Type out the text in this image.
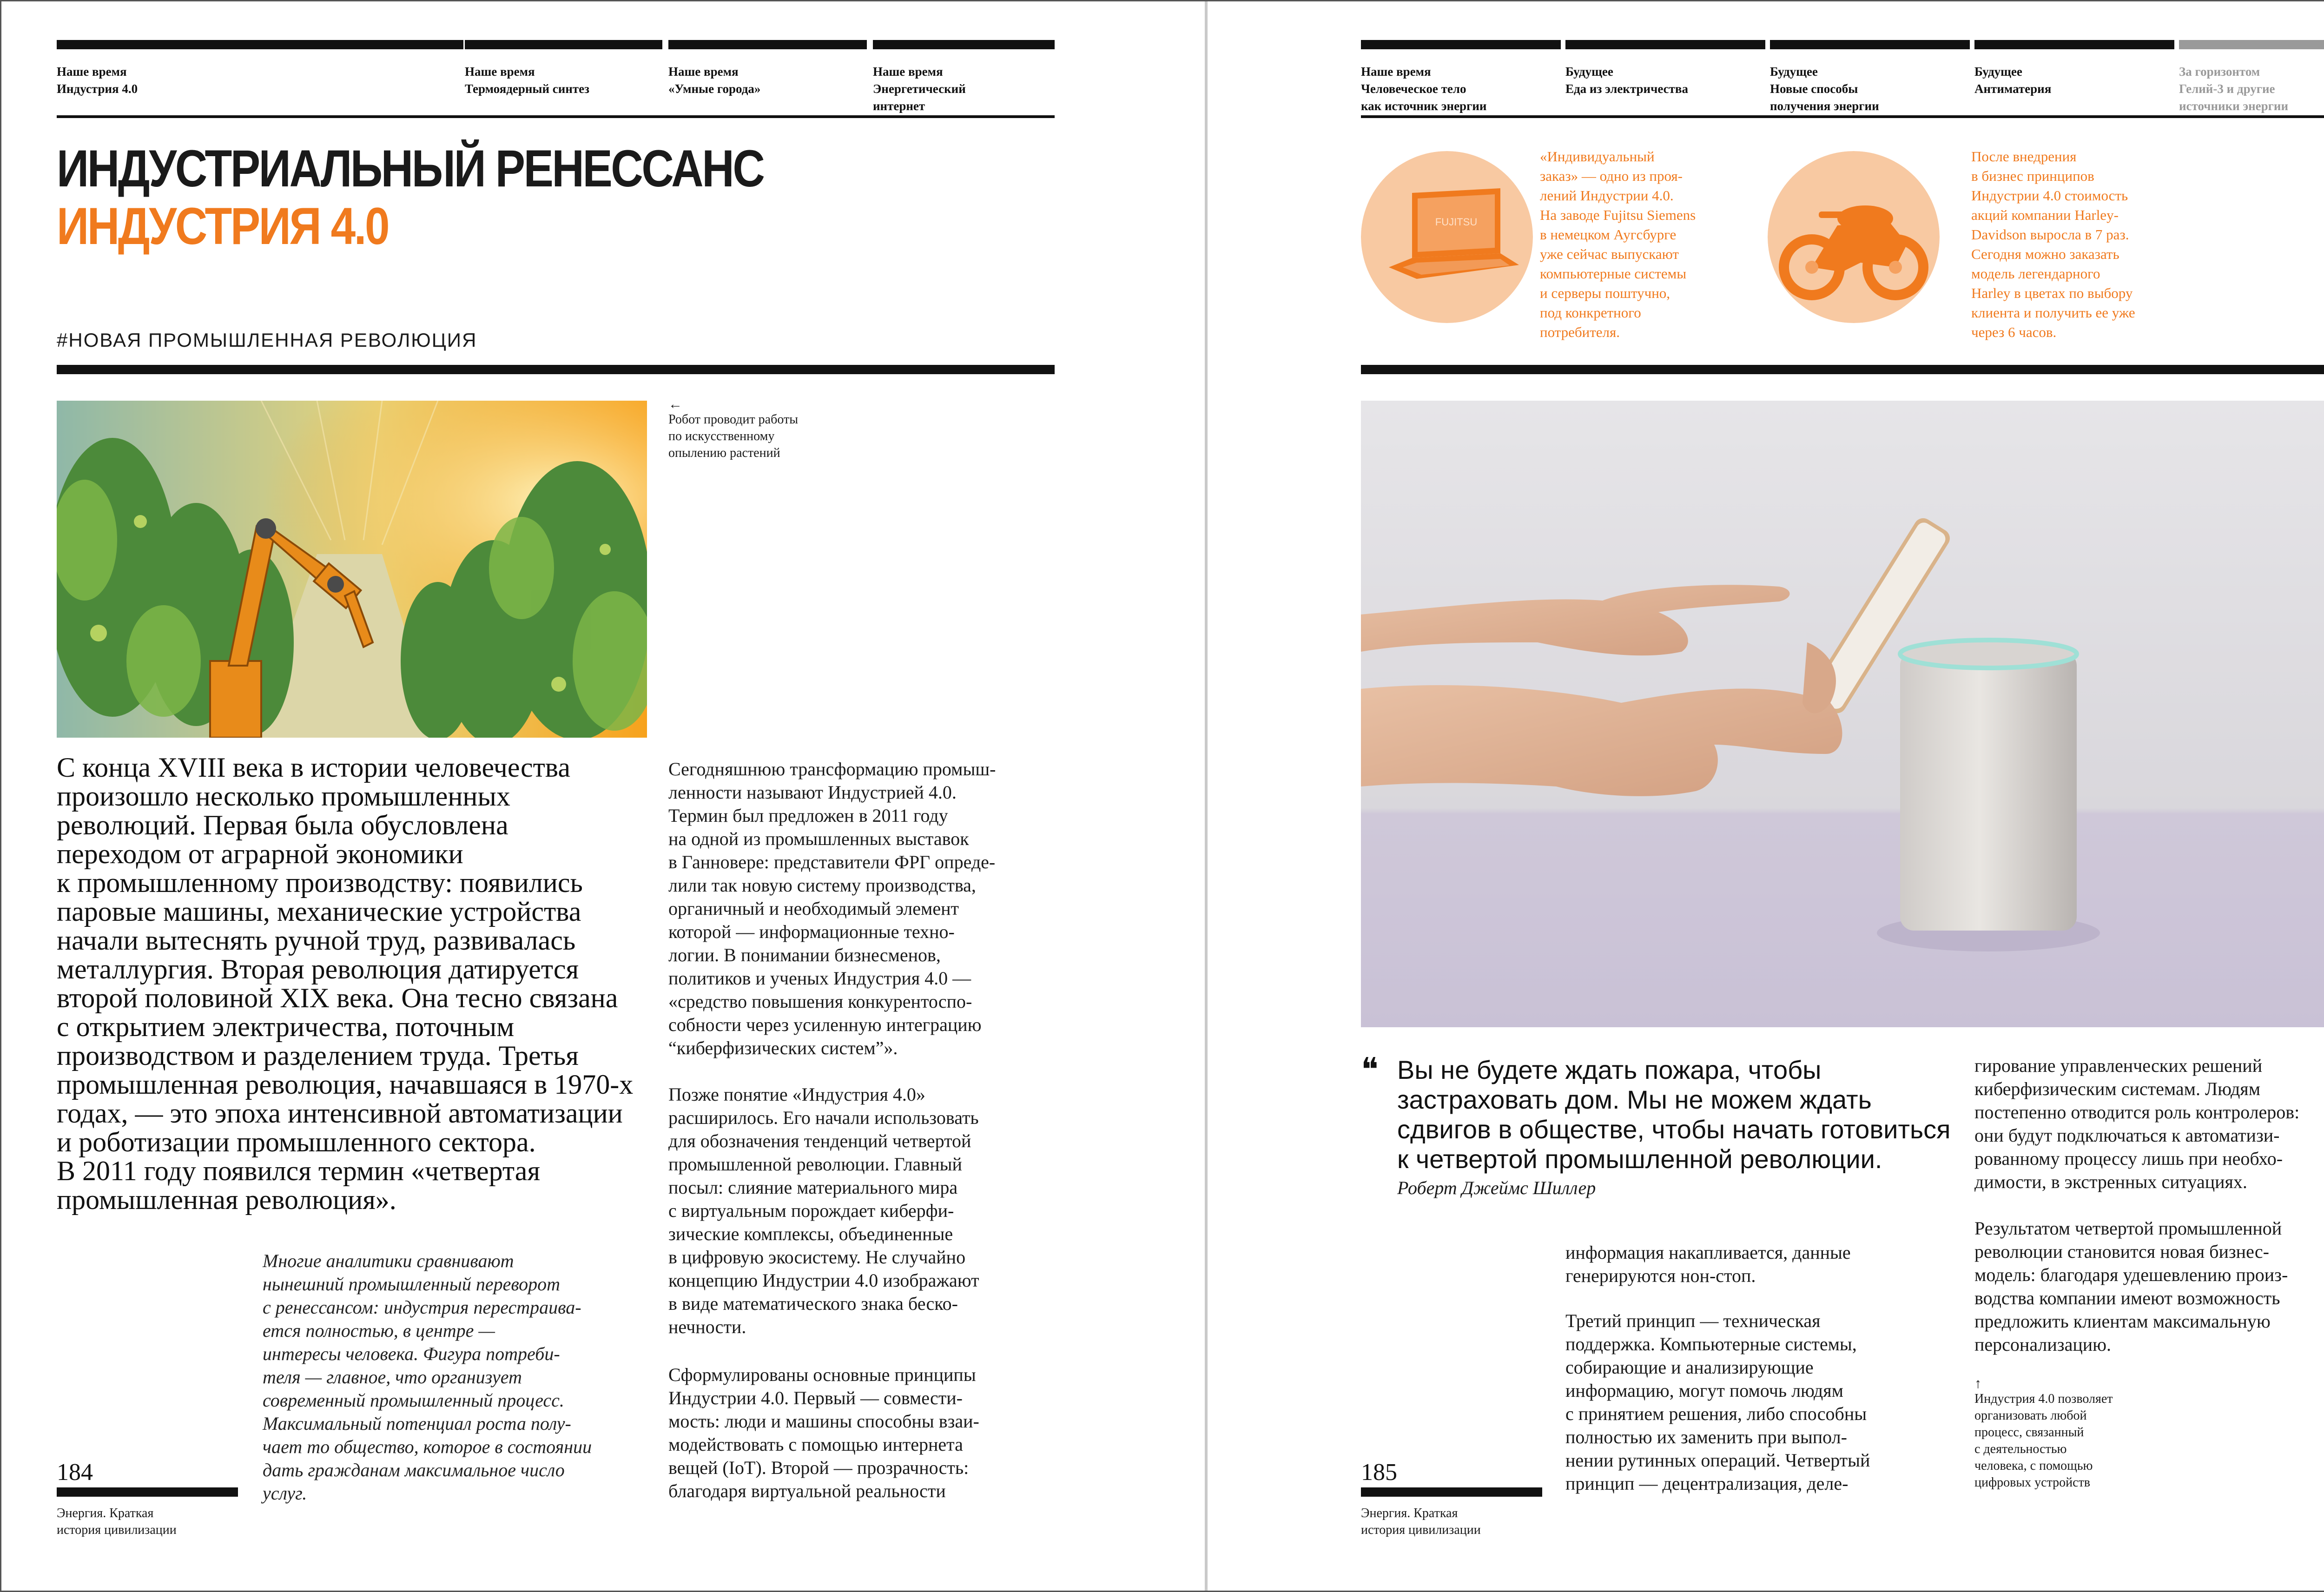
Наше время
Индустрия 4.0
Наше время
Термоядерный синтез
Наше время
«Умные города»
Наше время
Энергетический
интернет
ИНДУСТРИАЛЬНЫЙ РЕНЕССАНС
ИНДУСТРИЯ 4.0
#НОВАЯ ПРОМЫШЛЕННАЯ РЕВОЛЮЦИЯ
←
Робот проводит работы
по искусственному
опылению растений
С конца XVIII века в истории человечества
произошло несколько промышленных
революций. Первая была обусловлена
переходом от аграрной экономики
к промышленному производству: появились
паровые машины, механические устройства
начали вытеснять ручной труд, развивалась
металлургия. Вторая революция датируется
второй половиной XIX века. Она тесно связана
с открытием электричества, поточным
производством и разделением труда. Третья
промышленная революция, начавшаяся в 1970-х
годах, — это эпоха интенсивной автоматизации
и роботизации промышленного сектора.
В 2011 году появился термин «четвертая
промышленная революция».
Многие аналитики сравнивают
нынешний промышленный переворот
с ренессансом: индустрия перестраива-
ется полностью, в центре —
интересы человека. Фигура потреби-
теля — главное, что организует
современный промышленный процесс.
Максимальный потенциал роста полу-
чает то общество, которое в состоянии
дать гражданам максимальное число
услуг.
Сегодняшнюю трансформацию промыш-
ленности называют Индустрией 4.0.
Термин был предложен в 2011 году
на одной из промышленных выставок
в Ганновере: представители ФРГ опреде-
лили так новую систему производства,
органичный и необходимый элемент
которой — информационные техно-
логии. В понимании бизнесменов,
политиков и ученых Индустрия 4.0 —
«средство повышения конкурентоспо-
собности через усиленную интеграцию
“киберфизических систем”».
Позже понятие «Индустрия 4.0»
расширилось. Его начали использовать
для обозначения тенденций четвертой
промышленной революции. Главный
посыл: слияние материального мира
с виртуальным порождает киберфи-
зические комплексы, объединенные
в цифровую экосистему. Не случайно
концепцию Индустрии 4.0 изображают
в виде математического знака беско-
нечности.
Сформулированы основные принципы
Индустрии 4.0. Первый — совмести-
мость: люди и машины способны взаи-
модействовать с помощью интернета
вещей (IoT). Второй — прозрачность:
благодаря виртуальной реальности
184
Энергия. Краткая
история цивилизации
Наше время
Человеческое тело
как источник энергии
Будущее
Еда из электричества
Будущее
Новые способы
получения энергии
Будущее
Антиматерия
За горизонтом
Гелий-3 и другие
источники энергии
FUJITSU
«Индивидуальный
заказ» — одно из проя-
лений Индустрии 4.0.
На заводе Fujitsu Siemens
в немецком Аугсбурге
уже сейчас выпускают
компьютерные системы
и серверы поштучно,
под конкретного
потребителя.
После внедрения
в бизнес принципов
Индустрии 4.0 стоимость
акций компании Harley-
Davidson выросла в 7 раз.
Сегодня можно заказать
модель легендарного
Harley в цветах по выбору
клиента и получить ее уже
через 6 часов.
❝ Вы не будете ждать пожара, чтобы
застраховать дом. Мы не можем ждать
сдвигов в обществе, чтобы начать готовиться
к четвертой промышленной революции.
Роберт Джеймс Шиллер
информация накапливается, данные
генерируются нон-стоп.
Третий принцип — техническая
поддержка. Компьютерные системы,
собирающие и анализирующие
информацию, могут помочь людям
с принятием решения, либо способны
полностью их заменить при выпол-
нении рутинных операций. Четвертый
принцип — децентрализация, деле-
гирование управленческих решений
киберфизическим системам. Людям
постепенно отводится роль контролеров:
они будут подключаться к автоматизи-
рованному процессу лишь при необхо-
димости, в экстренных ситуациях.
Результатом четвертой промышленной
революции становится новая бизнес-
модель: благодаря удешевлению произ-
водства компании имеют возможность
предложить клиентам максимальную
персонализацию.
↑
Индустрия 4.0 позволяет
организовать любой
процесс, связанный
с деятельностью
человека, с помощью
цифровых устройств
185
Энергия. Краткая
история цивилизации
